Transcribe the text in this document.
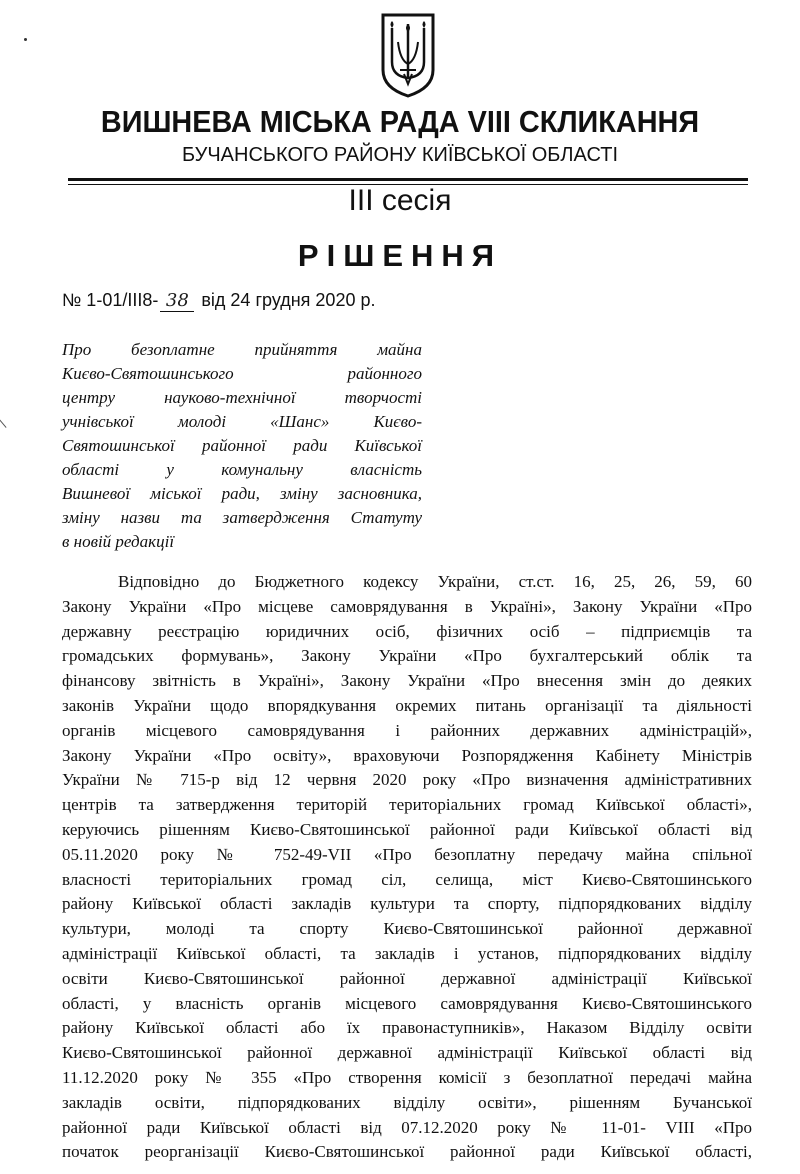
ВИШНЕВА МІСЬКА РАДА VIII СКЛИКАННЯ
БУЧАНСЬКОГО РАЙОНУ КИЇВСЬКОЇ ОБЛАСТІ
ІІІ сесія
РІШЕННЯ
№ 1-01/III8- 38 від 24 грудня 2020 р.
Про безоплатне прийняття майна
Києво-Святошинського районного
центру науково-технічної творчості
учнівської молоді «Шанс» Києво-
Святошинської районної ради Київської
області у комунальну власність
Вишневої міської ради, зміну засновника,
зміну назви та затвердження Статуту
в новій редакції
Відповідно до Бюджетного кодексу України, ст.ст. 16, 25, 26, 59, 60
Закону України «Про місцеве самоврядування в Україні», Закону України «Про
державну реєстрацію юридичних осіб, фізичних осіб – підприємців та
громадських формувань», Закону України «Про бухгалтерський облік та
фінансову звітність в Україні», Закону України «Про внесення змін до деяких
законів України щодо впорядкування окремих питань організації та діяльності
органів місцевого самоврядування і районних державних адміністрацій»,
Закону України «Про освіту», враховуючи Розпорядження Кабінету Міністрів
України № 715-р від 12 червня 2020 року «Про визначення адміністративних
центрів та затвердження територій територіальних громад Київської області»,
керуючись рішенням Києво-Святошинської районної ради Київської області від
05.11.2020 року № 752-49-VII «Про безоплатну передачу майна спільної
власності територіальних громад сіл, селища, міст Києво-Святошинського
району Київської області закладів культури та спорту, підпорядкованих відділу
культури, молоді та спорту Києво-Святошинської районної державної
адміністрації Київської області, та закладів і установ, підпорядкованих відділу
освіти Києво-Святошинської районної державної адміністрації Київської
області, у власність органів місцевого самоврядування Києво-Святошинського
району Київської області або їх правонаступників», Наказом Відділу освіти
Києво-Святошинської районної державної адміністрації Київської області від
11.12.2020 року № 355 «Про створення комісії з безоплатної передачі майна
закладів освіти, підпорядкованих відділу освіти», рішенням Бучанської
районної ради Київської області від 07.12.2020 року № 11-01- VIII «Про
початок реорганізації Києво-Святошинської районної ради Київської області,
